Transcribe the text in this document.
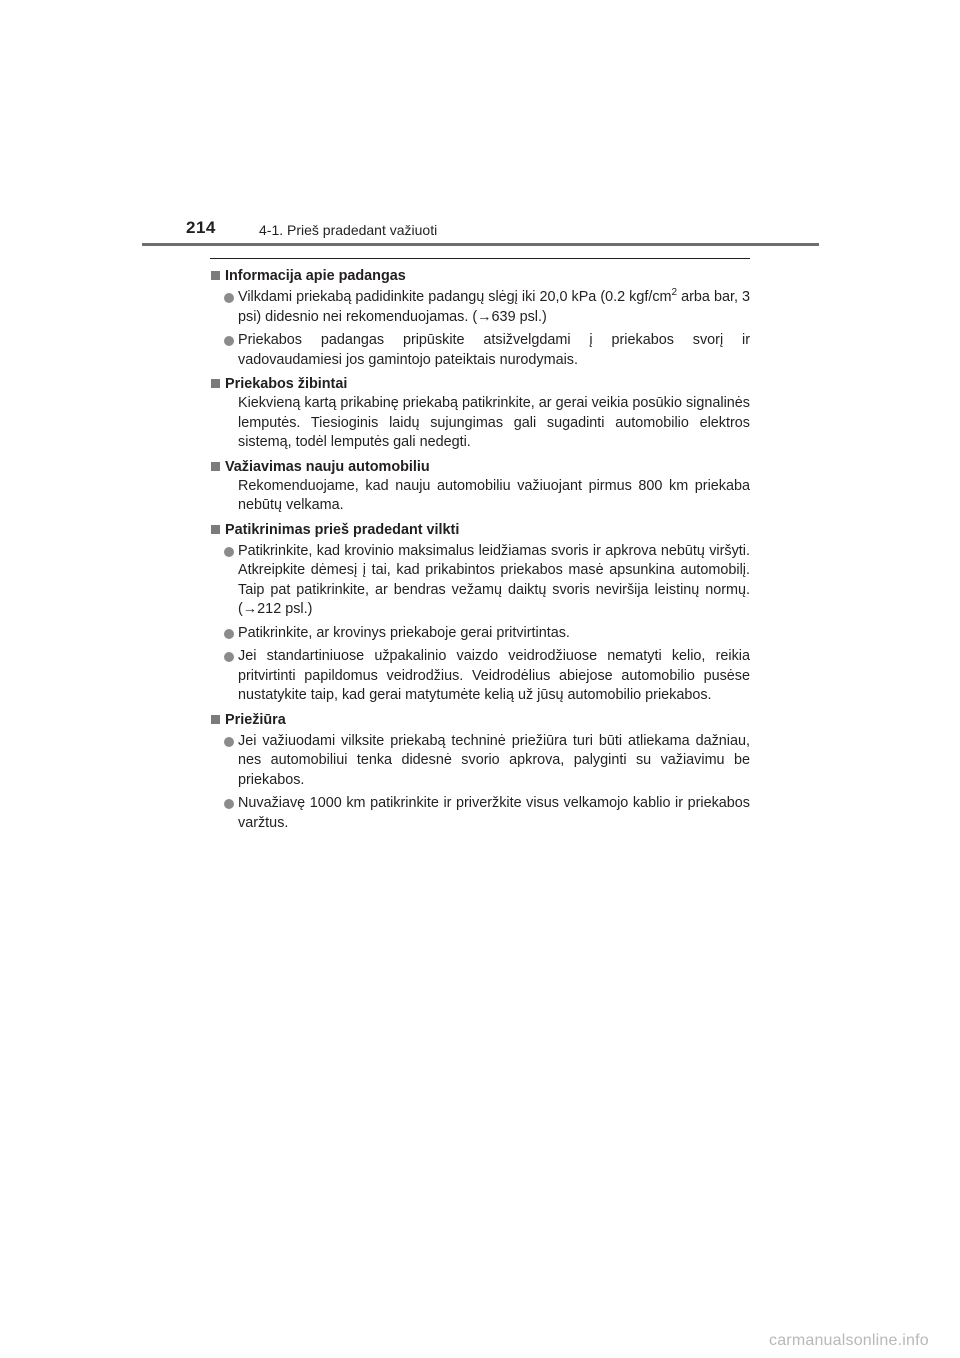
214	4-1. Prieš pradedant važiuoti
Informacija apie padangas
Vilkdami priekabą padidinkite padangų slėgį iki 20,0 kPa (0.2 kgf/$cm^2$ arba bar, 3 psi) didesnio nei rekomenduojamas. (→639 psl.)
Priekabos padangas pripūskite atsižvelgdami į priekabos svorį ir vadovaudamiesi jos gamintojo pateiktais nurodymais.
Priekabos žibintai
Kiekvieną kartą prikabinę priekabą patikrinkite, ar gerai veikia posūkio signalinės lemputės. Tiesioginis laidų sujungimas gali sugadinti automobilio elektros sistemą, todėl lemputės gali nedegti.
Važiavimas nauju automobiliu
Rekomenduojame, kad nauju automobiliu važiuojant pirmus 800 km priekaba nebūtų velkama.
Patikrinimas prieš pradedant vilkti
Patikrinkite, kad krovinio maksimalus leidžiamas svoris ir apkrova nebūtų viršyti. Atkreipkite dėmesį į tai, kad prikabintos priekabos masė apsunkina automobilį. Taip pat patikrinkite, ar bendras vežamų daiktų svoris neviršija leistinų normų. (→212 psl.)
Patikrinkite, ar krovinys priekaboje gerai pritvirtintas.
Jei standartiniuose užpakalinio vaizdo veidrodžiuose nematyti kelio, reikia pritvirtinti papildomus veidrodžius. Veidrodėlius abiejose automobilio pusėse nustatykite taip, kad gerai matytumėte kelią už jūsų automobilio priekabos.
Priežiūra
Jei važiuodami vilksite priekabą techninė priežiūra turi būti atliekama dažniau, nes automobiliui tenka didesnė svorio apkrova, palyginti su važiavimu be priekabos.
Nuvažiavę 1000 km patikrinkite ir priveržkite visus velkamojo kablio ir priekabos varžtus.
carmanualsonline.info
